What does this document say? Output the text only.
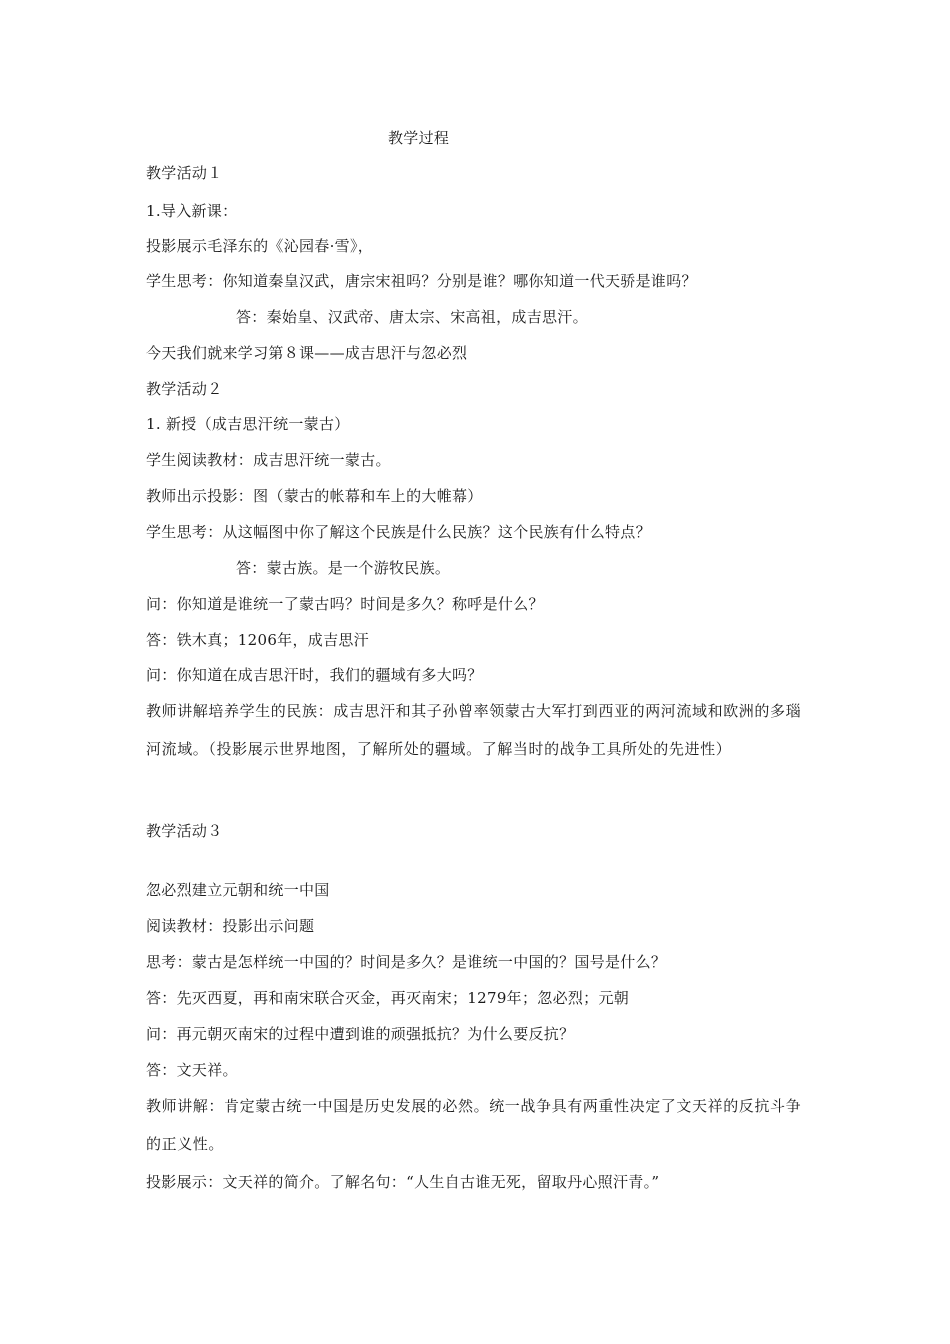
教学过程
教学活动１
1.导入新课：
投影展示毛泽东的《沁园春·雪》，
学生思考：你知道秦皇汉武，唐宗宋祖吗？分别是谁？哪你知道一代天骄是谁吗？
答：秦始皇、汉武帝、唐太宗、宋高祖，成吉思汗。
今天我们就来学习第８课——成吉思汗与忽必烈
教学活动２
1. 新授（成吉思汗统一蒙古）
学生阅读教材：成吉思汗统一蒙古。
教师出示投影：图（蒙古的帐幕和车上的大帷幕）
学生思考：从这幅图中你了解这个民族是什么民族？这个民族有什么特点？
答：蒙古族。是一个游牧民族。
问：你知道是谁统一了蒙古吗？时间是多久？称呼是什么？
答：铁木真；1206年，成吉思汗
问：你知道在成吉思汗时，我们的疆域有多大吗？
教师讲解培养学生的民族：成吉思汗和其子孙曾率领蒙古大军打到西亚的两河流域和欧洲的多瑙河流域。（投影展示世界地图，了解所处的疆域。了解当时的战争工具所处的先进性）
教学活动３
忽必烈建立元朝和统一中国
阅读教材：投影出示问题
思考：蒙古是怎样统一中国的？时间是多久？是谁统一中国的？国号是什么？
答：先灭西夏，再和南宋联合灭金，再灭南宋；1279年；忽必烈；元朝
问：再元朝灭南宋的过程中遭到谁的顽强抵抗？为什么要反抗？
答：文天祥。
教师讲解：肯定蒙古统一中国是历史发展的必然。统一战争具有两重性决定了文天祥的反抗斗争的正义性。
投影展示：文天祥的简介。了解名句：“人生自古谁无死，留取丹心照汗青。”
